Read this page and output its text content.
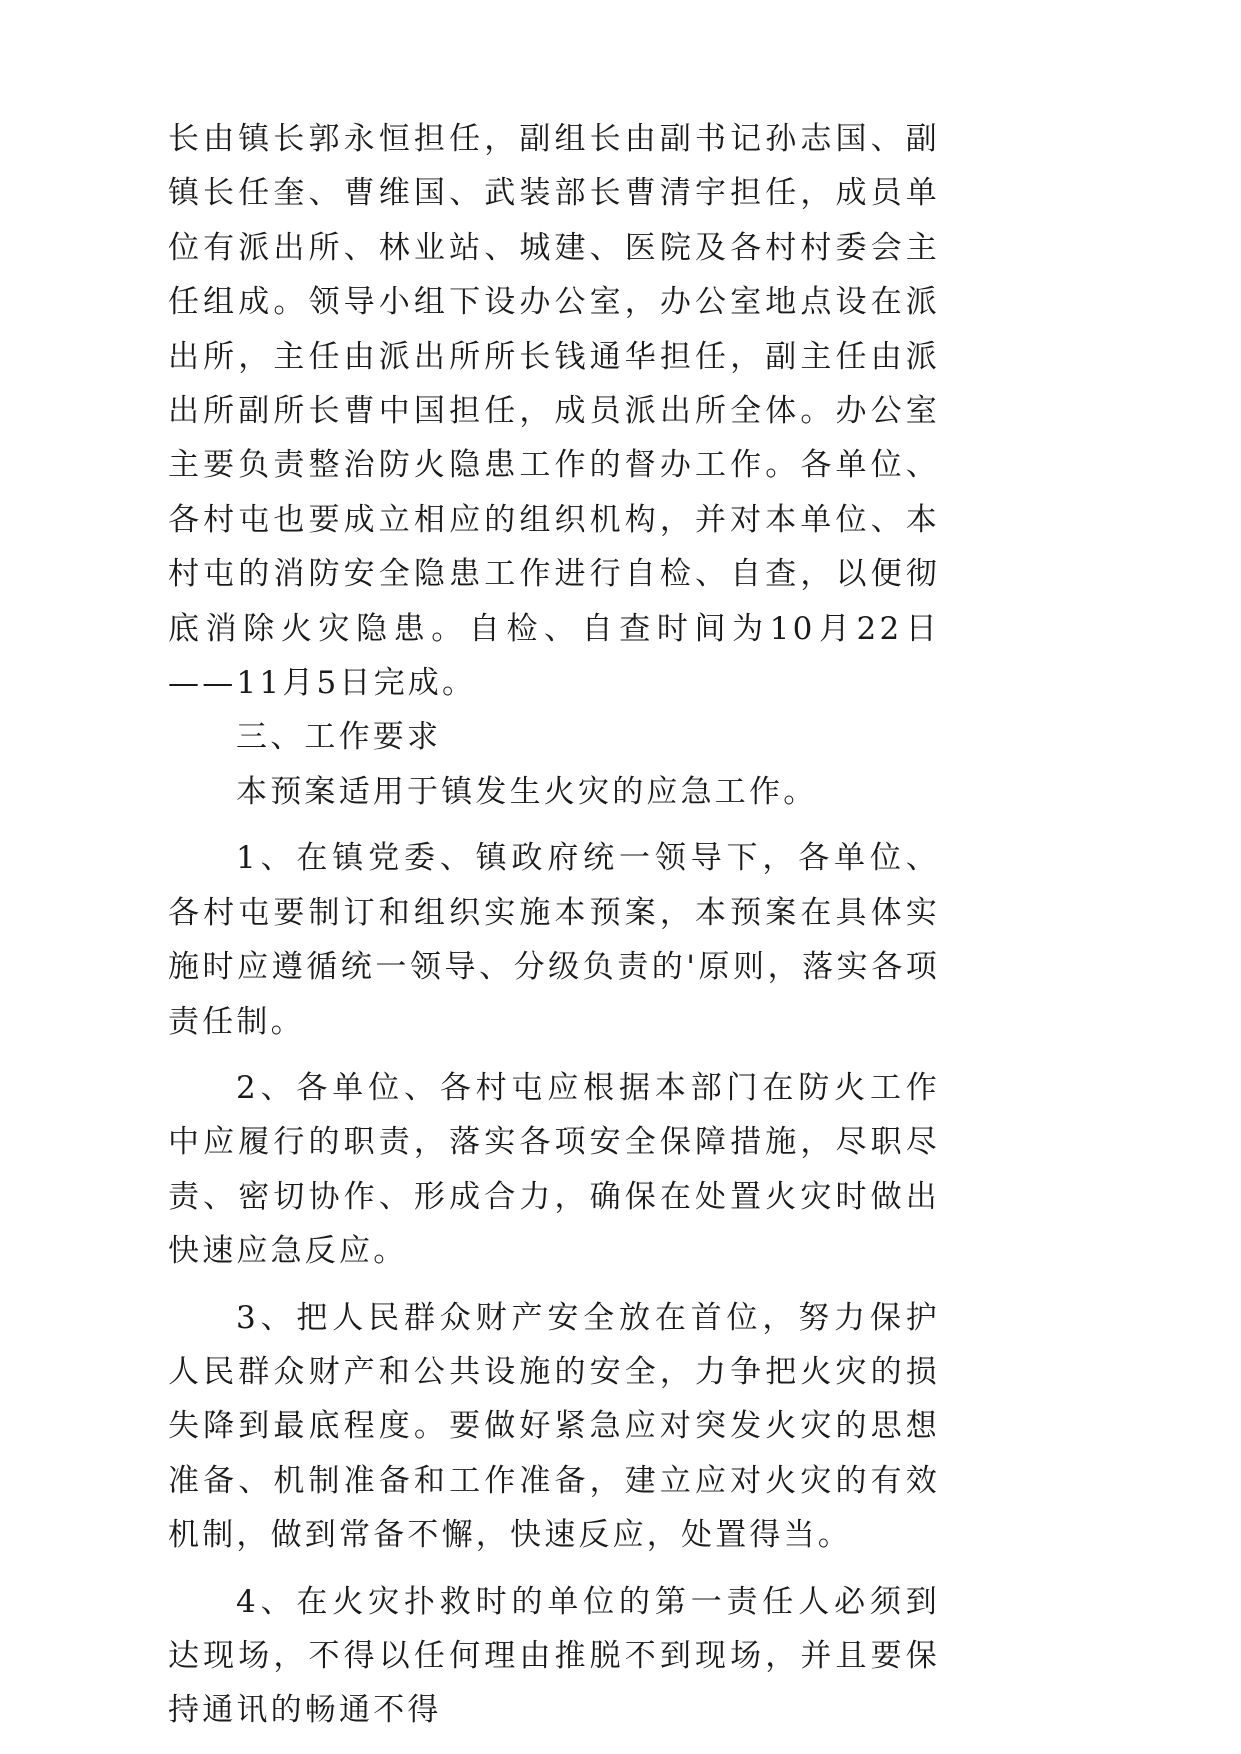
长由镇长郭永恒担任，副组长由副书记孙志国、副镇长任奎、曹维国、武装部长曹清宇担任，成员单位有派出所、林业站、城建、医院及各村村委会主任组成。领导小组下设办公室，办公室地点设在派出所，主任由派出所所长钱通华担任，副主任由派出所副所长曹中国担任，成员派出所全体。办公室主要负责整治防火隐患工作的督办工作。各单位、各村屯也要成立相应的组织机构，并对本单位、本村屯的消防安全隐患工作进行自检、自查，以便彻底消除火灾隐患。自检、自查时间为10月22日——11月5日完成。

三、工作要求

本预案适用于镇发生火灾的应急工作。

1、在镇党委、镇政府统一领导下，各单位、各村屯要制订和组织实施本预案，本预案在具体实施时应遵循统一领导、分级负责的'原则，落实各项责任制。

2、各单位、各村屯应根据本部门在防火工作中应履行的职责，落实各项安全保障措施，尽职尽责、密切协作、形成合力，确保在处置火灾时做出快速应急反应。

3、把人民群众财产安全放在首位，努力保护人民群众财产和公共设施的安全，力争把火灾的损失降到最底程度。要做好紧急应对突发火灾的思想准备、机制准备和工作准备，建立应对火灾的有效机制，做到常备不懈，快速反应，处置得当。

4、在火灾扑救时的单位的第一责任人必须到达现场，不得以任何理由推脱不到现场，并且要保持通讯的畅通不得
